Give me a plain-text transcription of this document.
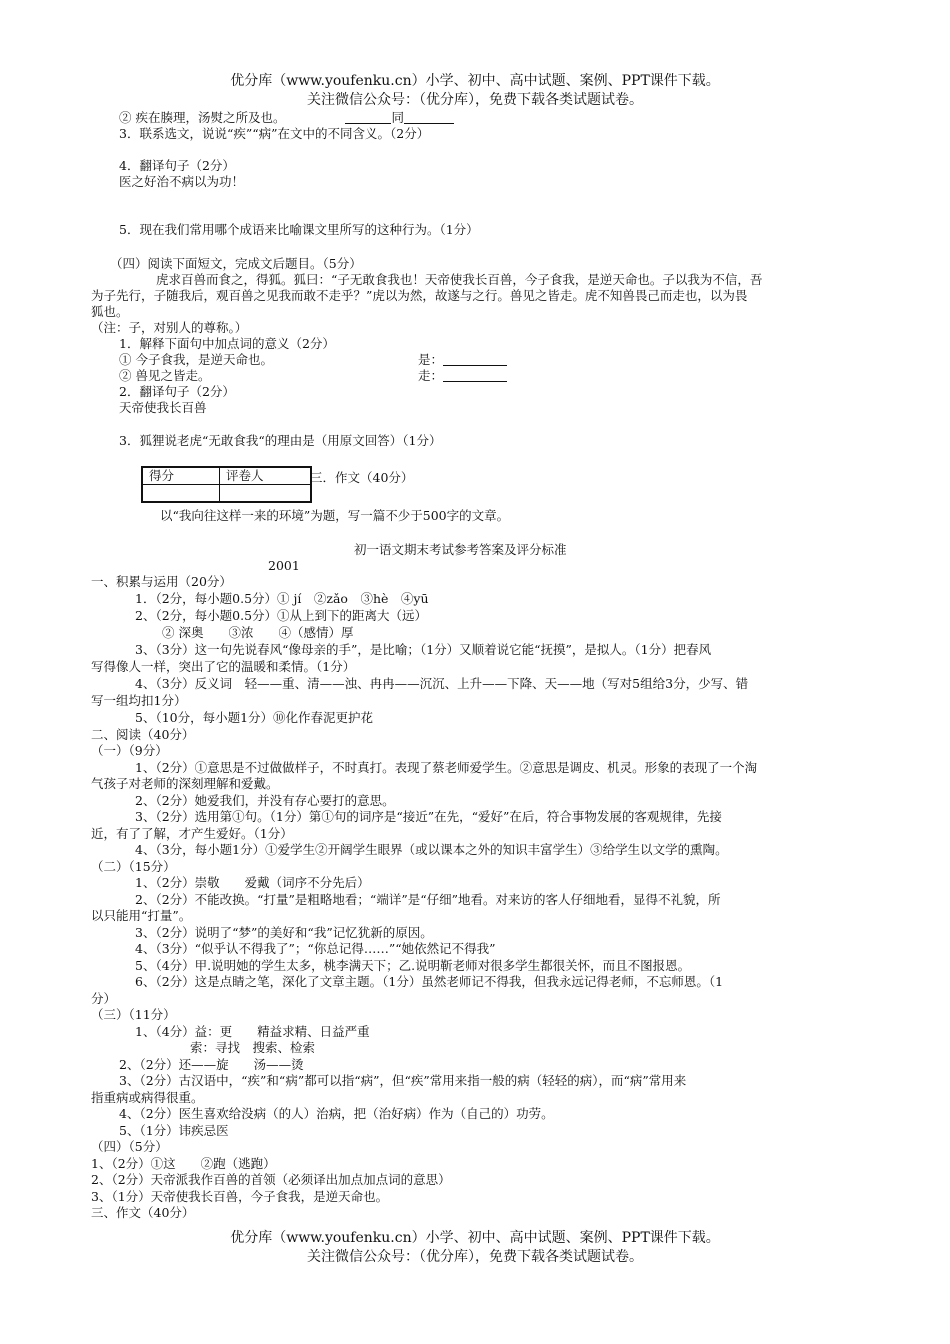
优分库（www.youfenku.cn）小学、初中、高中试题、案例、PPT课件下载。
关注微信公众号：（优分库），免费下载各类试题试卷。
② 疾在腠理，汤熨之所及也。	同
3．联系选文，说说“疾”“病”在文中的不同含义。（2分）
4．翻译句子（2分）
医之好治不病以为功！
5．现在我们常用哪个成语来比喻课文里所写的这种行为。（1分）
（四）阅读下面短文，完成文后题目。（5分）
虎求百兽而食之，得狐。狐曰：“子无敢食我也！天帝使我长百兽，今子食我，是逆天命也。子以我为不信，吾
为子先行，子随我后，观百兽之见我而敢不走乎？”虎以为然，故遂与之行。兽见之皆走。虎不知兽畏己而走也，以为畏
狐也。
（注：子，对别人的尊称。）
1．解释下面句中加点词的意义（2分）
① 今子食我，是逆天命也。	是：
② 兽见之皆走。	走：
2．翻译句子（2分）
天帝使我长百兽
3．狐狸说老虎“无敢食我“的理由是（用原文回答）（1分）
得分	评卷人
		三．作文（40分）
以“我向往这样一来的环境”为题，写一篇不少于500字的文章。
初一语文期末考试参考答案及评分标准
2001
一、积累与运用（20分）
1．（2分，每小题0.5分）① jí　②zǎo　③hè　④yū
2、（2分，每小题0.5分）①从上到下的距离大（远）
② 深奥　　③浓　　④（感情）厚
3、（3分）这一句先说春风“像母亲的手”，是比喻；（1分）又顺着说它能“抚摸”，是拟人。（1分）把春风
写得像人一样，突出了它的温暖和柔情。（1分）
4、（3分）反义词　轻——重、清——浊、冉冉——沉沉、上升——下降、天——地（写对5组给3分，少写、错
写一组均扣1分）
5、（10分，每小题1分）⑩化作春泥更护花
二、阅读（40分）
（一）（9分）
1、（2分）①意思是不过做做样子，不时真打。表现了蔡老师爱学生。②意思是调皮、机灵。形象的表现了一个淘
气孩子对老师的深刻理解和爱戴。
2、（2分）她爱我们，并没有存心要打的意思。
3、（2分）选用第①句。（1分）第①句的词序是“接近”在先，“爱好”在后，符合事物发展的客观规律，先接
近，有了了解，才产生爱好。（1分）
4、（3分，每小题1分）①爱学生②开阔学生眼界（或以课本之外的知识丰富学生）③给学生以文学的熏陶。
（二）（15分）
1、（2分）崇敬　　爱戴（词序不分先后）
2、（2分）不能改换。“打量”是粗略地看；“端详”是“仔细”地看。对来访的客人仔细地看，显得不礼貌，所
以只能用“打量”。
3、（2分）说明了“梦”的美好和“我”记忆犹新的原因。
4、（3分）“似乎认不得我了”；“你总记得……”“她依然记不得我”
5、（4分）甲.说明她的学生太多，桃李满天下；乙.说明靳老师对很多学生都很关怀，而且不图报恩。
6、（2分）这是点睛之笔，深化了文章主题。（1分）虽然老师记不得我，但我永远记得老师，不忘师恩。（1
分）
（三）（11分）
1、（4分）益：更　　精益求精、日益严重
索：寻找　搜索、检索
2、（2分）还——旋　　汤——烫
3、（2分）古汉语中，“疾”和“病”都可以指“病”，但“疾”常用来指一般的病（轻轻的病），而“病”常用来
指重病或病得很重。
4、（2分）医生喜欢给没病（的人）治病，把（治好病）作为（自己的）功劳。
5、（1分）讳疾忌医
（四）（5分）
1、（2分）①这　　②跑（逃跑）
2、（2分）天帝派我作百兽的首领（必须译出加点加点词的意思）
3、（1分）天帝使我长百兽，今子食我，是逆天命也。
三、作文（40分）
优分库（www.youfenku.cn）小学、初中、高中试题、案例、PPT课件下载。
关注微信公众号：（优分库），免费下载各类试题试卷。
